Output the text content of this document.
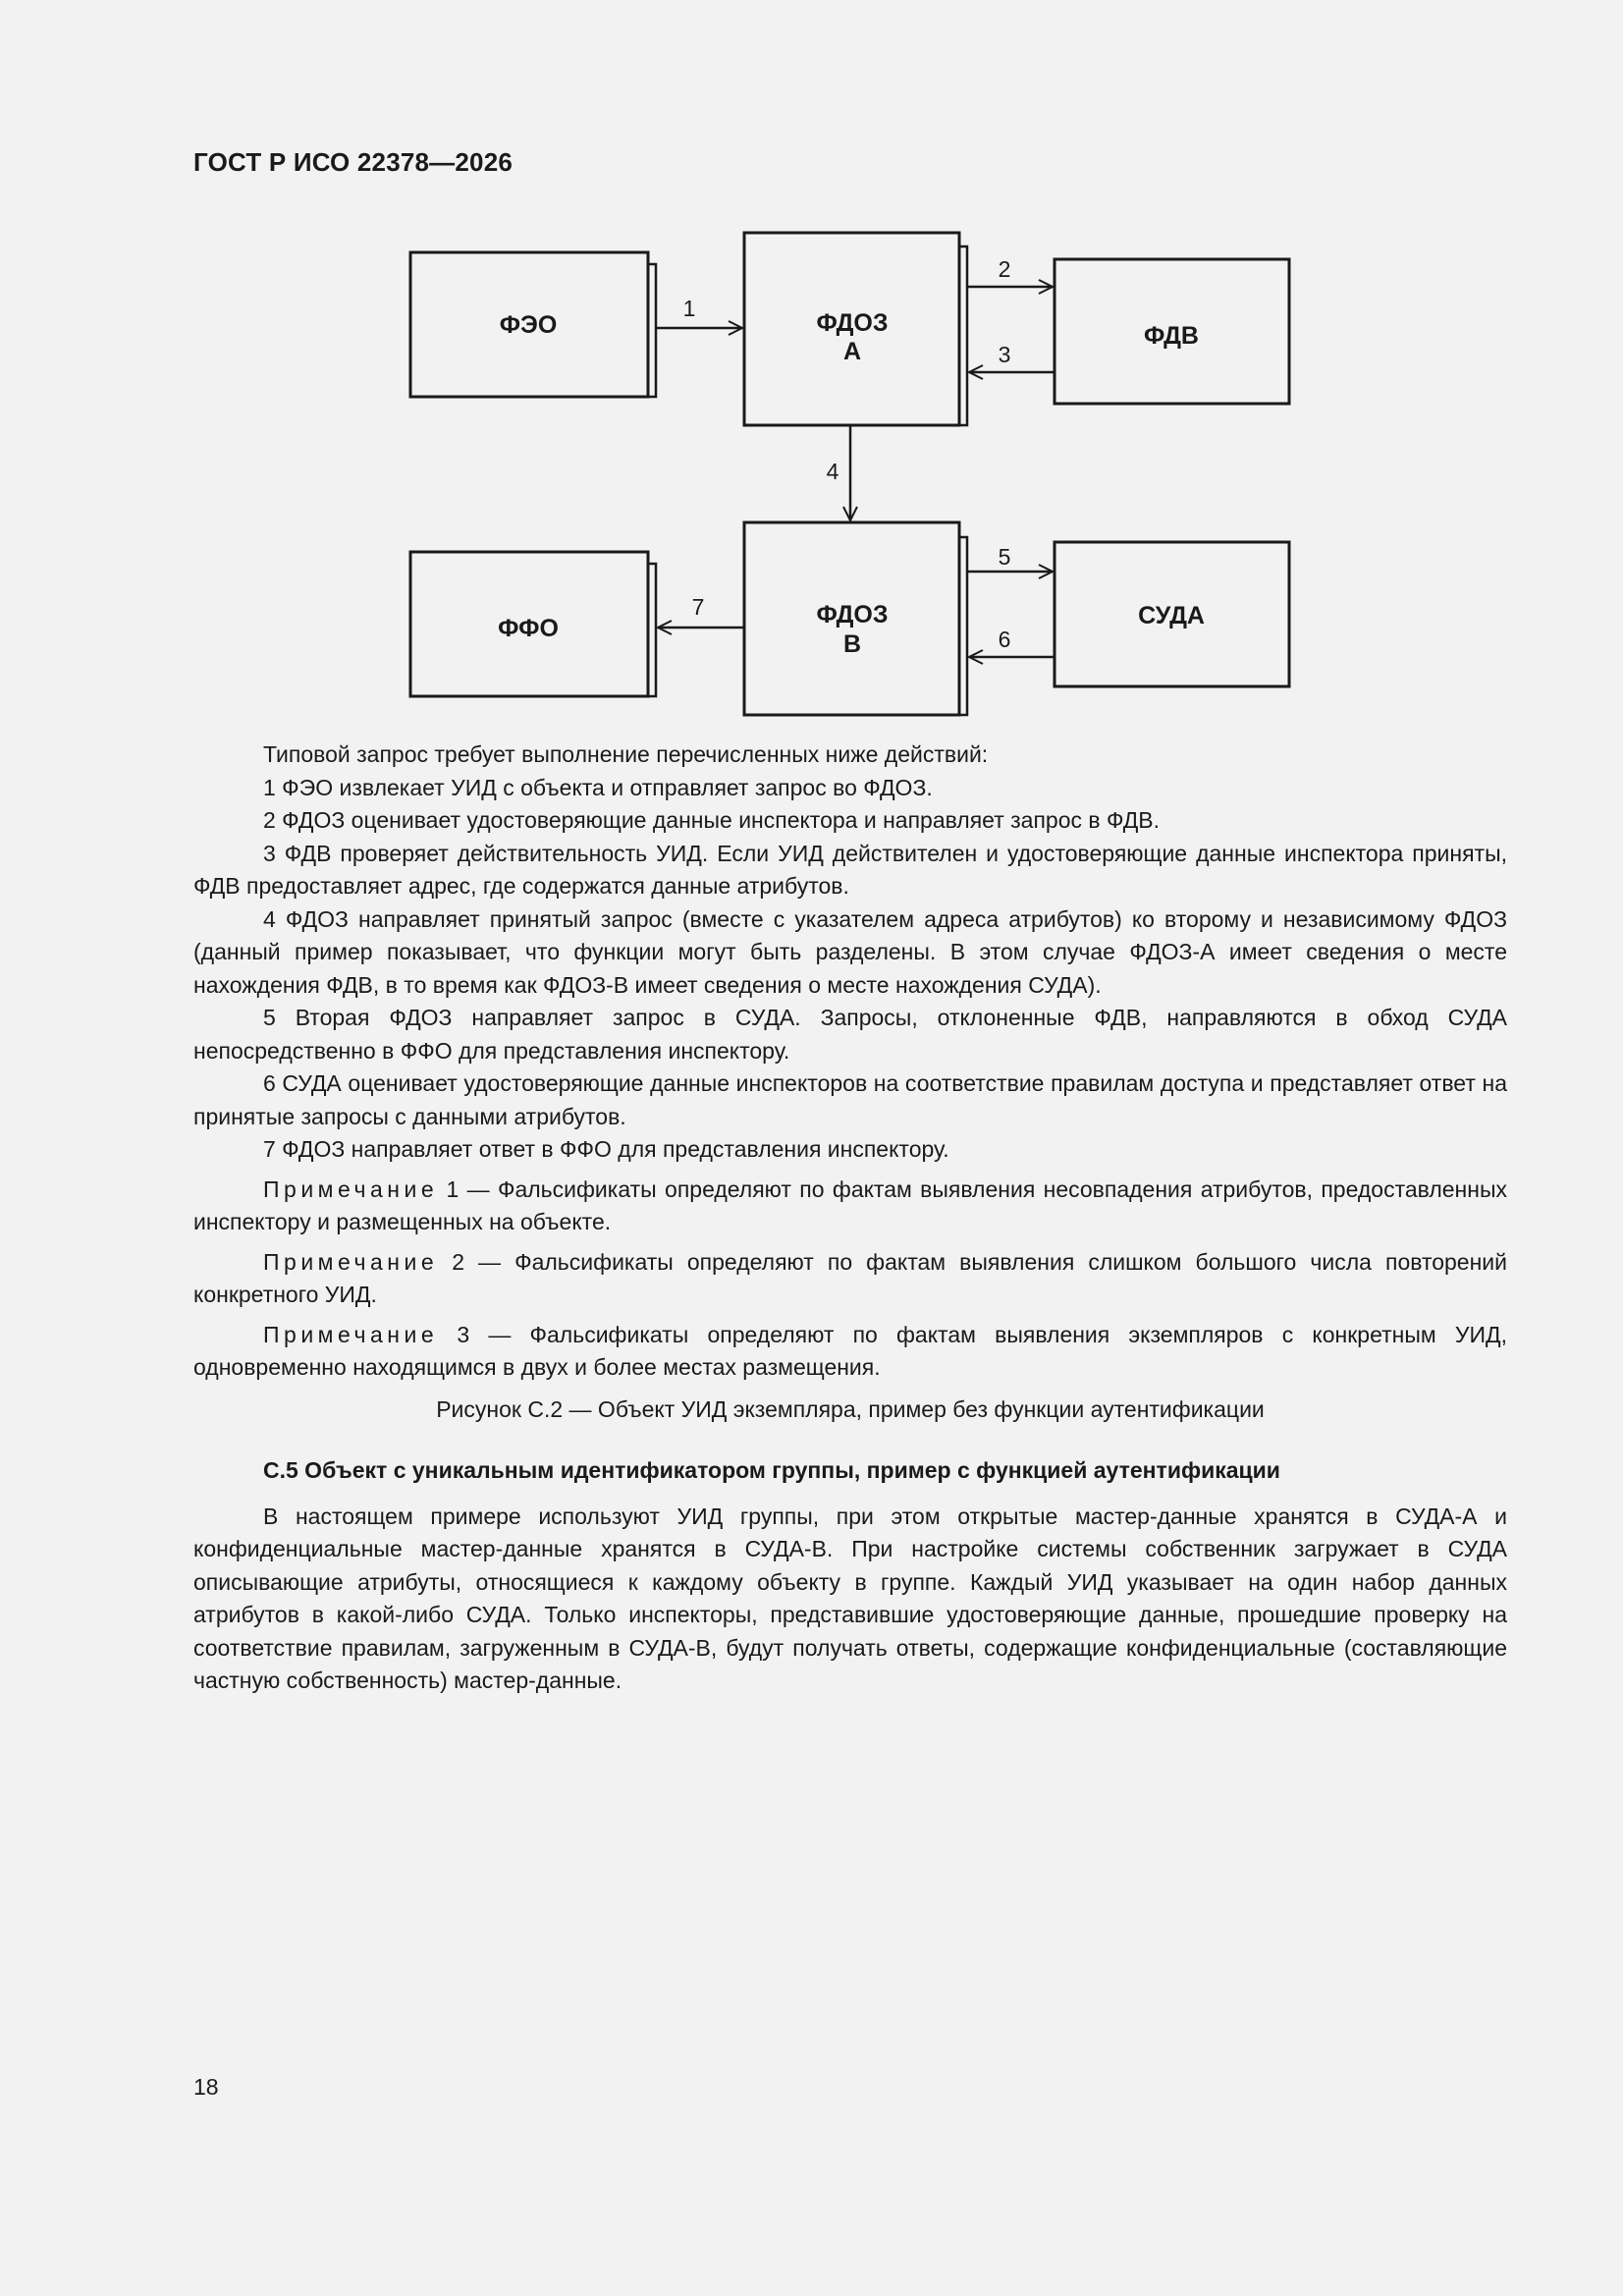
ГОСТ Р ИСО 22378—2026
ФЭО	ФДОЗ
А
ФДВ
ФФО	ФДОЗ
В
СУДА
1
2
3
4
5
6
7

Типовой запрос требует выполнение перечисленных ниже действий:

1 ФЭО извлекает УИД с объекта и отправляет запрос во ФДОЗ.

2 ФДОЗ оценивает удостоверяющие данные инспектора и направляет запрос в ФДВ.

3 ФДВ проверяет действительность УИД. Если УИД действителен и удостоверяющие данные инспектора приняты, ФДВ предоставляет адрес, где содержатся данные атрибутов.

4 ФДОЗ направляет принятый запрос (вместе с указателем адреса атрибутов) ко второму и независимому ФДОЗ (данный пример показывает, что функции могут быть разделены. В этом случае ФДОЗ-А имеет сведения о месте нахождения ФДВ, в то время как ФДОЗ-В имеет сведения о месте нахождения СУДА).

5 Вторая ФДОЗ направляет запрос в СУДА. Запросы, отклоненные ФДВ, направляются в обход СУДА непосредственно в ФФО для представления инспектору.

6 СУДА оценивает удостоверяющие данные инспекторов на соответствие правилам доступа и представляет ответ на принятые запросы с данными атрибутов.

7 ФДОЗ направляет ответ в ФФО для представления инспектору.

Примечание 1 — Фальсификаты определяют по фактам выявления несовпадения атрибутов, предоставленных инспектору и размещенных на объекте.

Примечание 2 — Фальсификаты определяют по фактам выявления слишком большого числа повторений конкретного УИД.

Примечание 3 — Фальсификаты определяют по фактам выявления экземпляров с конкретным УИД, одновременно находящимся в двух и более местах размещения.

Рисунок С.2 — Объект УИД экземпляра, пример без функции аутентификации

С.5 Объект с уникальным идентификатором группы, пример с функцией аутентификации

В настоящем примере используют УИД группы, при этом открытые мастер-данные хранятся в СУДА-А и конфиденциальные мастер-данные хранятся в СУДА-В. При настройке системы собственник загружает в СУДА описывающие атрибуты, относящиеся к каждому объекту в группе. Каждый УИД указывает на один набор данных атрибутов в какой-либо СУДА. Только инспекторы, представившие удостоверяющие данные, прошедшие проверку на соответствие правилам, загруженным в СУДА-В, будут получать ответы, содержащие конфиденциальные (составляющие частную собственность) мастер-данные.

18
